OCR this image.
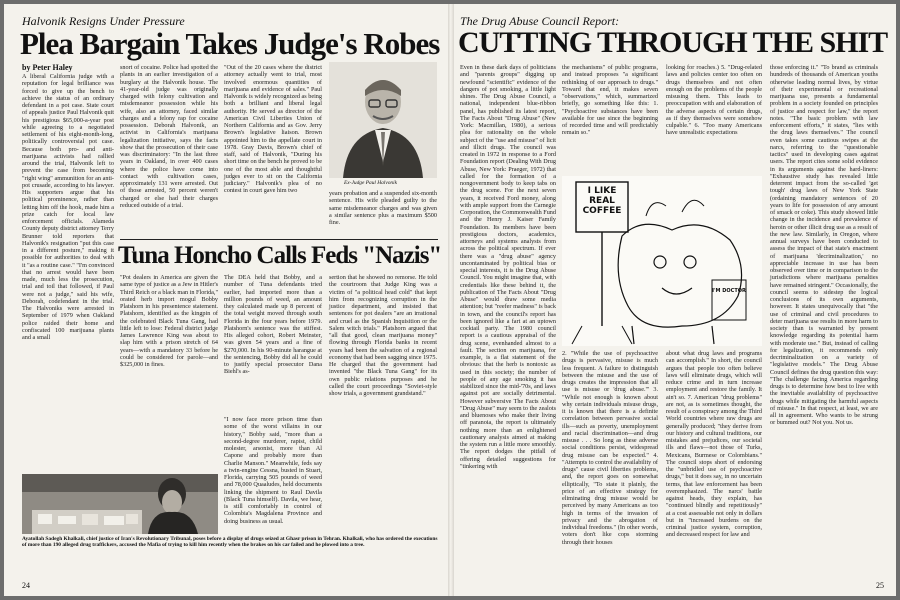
Halvonik Resigns Under Pressure
Plea Bargain Takes Judge's Robes
by Peter Haley

A liberal California judge with a reputation for legal brilliance was forced to give up the bench to achieve the status of an ordinary defendant in a pot case. State court of appeals justice Paul Halvonik quit his prestigious $65,000-a-year post while agreeing to a negotiated settlement of his eight-month-long, politically controversial pot case. Because both pro- and anti-marijuana activists had rallied around the trial, Halvonik left to prevent the case from becoming "right wing" ammunition for an anti-pot crusade, according to his lawyer. His supporters argue that his political prominence, rather than letting him off the hook, made him a prize catch for local law enforcement officials. Alameda County deputy district attorney Terry Brunner told reporters that Halvonik's resignation "put this case in a different posture," making it possible for authorities to deal with it "as a routine case." "I'm convinced that no arrest would have been made, much less the prosecution, trial and toil that followed, if Paul were not a judge," said his wife, Deborah, codefendant in the trial. The Halvoniks were arrested in September of 1979 when Oakland police raided their home and confiscated 100 marijuana plants and a small

snort of cocaine. Police had spotted the plants in an earlier investigation of a burglary at the Halvonik house. The 41-year-old judge was originally charged with felony cultivation and misdemeanor possession while his wife, also an attorney, faced similar charges and a felony rap for cocaine possession. Deborah Halvonik, an activist in California's marijuana legalization initiative, says the facts show that the prosecution of their case was discriminatory: "In the last three years in Oakland, in over 400 cases where the police have come into contact with cultivation cases, approximately 131 were arrested. Out of those arrested, 50 percent weren't charged or else had their charges reduced outside of a trial.

"Out of the 20 cases where the district attorney actually went to trial, most involved enormous quantities of marijuana and evidence of sales." Paul Halvonik is widely recognized as being both a brilliant and liberal legal authority. He served as director of the American Civil Liberties Union of Northern California and as Gov. Jerry Brown's legislative liaison. Brown appointed him to the appellate court in 1978. Gray Davis, Brown's chief of staff, said of Halvonik, "During his short time on the bench he proved to be one of the most able and thoughtful judges ever to sit on the California judiciary." Halvonik's plea of no contest in court gave him two

Ex-Judge Paul Halvonik

years probation and a suspended six-month sentence. His wife pleaded guilty to the same misdemeanor charges and was given a similar sentence plus a maximum $500 fine.

Tuna Honcho Calls Feds "Nazis"

"Pot dealers in America are given the same type of justice as a Jew in Hitler's Third Reich or a black man in Florida," orated herb import mogul Bobby Platshorn in his presentence statement. Platshorn, identified as the kingpin of the celebrated Black Tuna Gang, had little left to lose: Federal district judge James Lawrence King was about to slap him with a prison stretch of 64 years—with a mandatory 33 before he could be considered for parole—and $325,000 in fines.

The DEA held that Bobby, and a number of Tuna defendants tried earlier, had imported more than a million pounds of weed, an amount they calculated made up 8 percent of the total weight moved through south Florida in the four years before 1979. Platshorn's sentence was the stiffest. His alleged cohort, Robert Meinster, was given 54 years and a fine of $270,000. In his 90-minute harangue at the sentencing, Bobby did all he could to justify special prosecutor Dana Biehl's as-

sertion that he showed no remorse. He told the courtroom that Judge King was a victim of "a political head cold" that kept him from recognizing corruption in the justice department, and insisted that sentences for pot dealers "are an irrational and cruel as the Spanish Inquisition or the Salem witch trials." Platshorn argued that "all that good, clean marijuana money" flowing through Florida banks in recent years had been the salvation of a regional economy that had been sagging since 1975. He charged that the government had invented "the Black Tuna Gang" for its own public relations purposes and he called the court proceedings "Soviet-style show trials, a government grandstand."

"I now face more prison time than some of the worst villains in our history," Bobby said, "more than a second-degree murderer, rapist, child molester, arsonist, more than Al Capone and probably more than Charlie Manson." Meanwhile, feds say a twin-engine Cessna, busted in Stuart, Florida, carrying 505 pounds of weed and 78,000 Quaaludes, held documents linking the shipment to Raul Davila (Black Tuna himself). Davila, we hear, is still comfortably in control of Colombia's Magdalena Province and doing business as usual.

Ayatollah Sadegh Khalkali, chief justice of Iran's Revolutionary Tribunal, poses before a display of drugs seized at Ghasr prison in Tehran. Khalkali, who has ordered the executions of more than 190 alleged drug traffickers, accused the Mafia of trying to kill him recently when the brakes on his car failed and he plowed into a tree.
24
The Drug Abuse Council Report:
CUTTING THROUGH THE SHIT

Even in these dark days of politicians and "parents groups" digging up newfound "scientific" evidence of the dangers of pot smoking, a little light shines. The Drug Abuse Council, a national, independent blue-ribbon panel, has published its latest report, The Facts About "Drug Abuse" (New York: Macmillan, 1980), a serious plea for rationality on the whole subject of the "use and misuse" of licit and illicit drugs. The council was created in 1972 in response to a Ford Foundation report (Dealing With Drug Abuse, New York: Praeger, 1972) that called for the formation of a nongovernment body to keep tabs on the drug scene. For the next seven years, it received Ford money, along with ample support from the Carnegie Corporation, the Commonwealth Fund and the Henry J. Kaiser Family Foundation. Its members have been prestigious doctors, academics, attorneys and systems analysts from across the political spectrum. If ever there was a "drug abuse" agency uncontaminated by political bias or special interests, it is the Drug Abuse Council. You might imagine that, with credentials like these behind it, the publication of The Facts About "Drug Abuse" would draw some media attention; but "reefer madness" is back in town, and the council's report has been ignored like a fart at an uptown cocktail party. The 1980 council report is a cautious appraisal of the drug scene, evenhanded almost to a fault. The section on marijuana, for example, is a flat statement of the obvious: that the herb is nontoxic as used in this society; the number of people of any age smoking it has stabilized since the mid-'70s, and laws against pot are socially detrimental. However subversive The Facts About "Drug Abuse" may seem to the zealots and bluenoses who make their living off paranoia, the report is ultimately nothing more than an enlightened cautionary analysis aimed at making the system run a little more smoothly. The report dodges the pitfall of offering detailed suggestions for "tinkering with

the mechanisms" of public programs, and instead proposes "a significant rethinking of our approach to drugs." Toward that end, it makes seven "observations," which, summarized briefly, go something like this: 1. "Psychoactive substances have been available for use since the beginning of recorded time and will predictably remain so."

looking for roaches.) 5. "Drug-related laws and policies center too often on drugs themselves and not often enough on the problems of the people misusing them. This leads to preoccupation with and elaboration of the adverse aspects of certain drugs, as if they themselves were somehow culpable." 6. "Too many Americans have unrealistic expectations

those enforcing it." "To brand as criminals hundreds of thousands of American youths otherwise leading normal lives, by virtue of their experimental or recreational marijuana use, presents a fundamental problem in a society founded on principles of justice and respect for law," the report notes. "The basic problem with law enforcement efforts," it states, "lies with the drug laws themselves." The council even takes some cautious swipes at the narcs, referring to the "questionable tactics" used in developing cases against users. The report cites some solid evidence in its arguments against the hard-liners: "Exhaustive study has revealed little deterrent impact from the so-called 'get tough' drug laws of New York State (ordaining mandatory sentences of 20 years to life for possession of any amount of smack or coke). This study showed little change in the incidence and prevalence of heroin or other illicit drug use as a result of the new law. Similarly, in Oregon, where annual surveys have been conducted to assess the impact of that state's enactment of marijuana 'decriminalization,' no appreciable increase in use has been observed over time or in comparison to the jurisdictions where marijuana penalties have remained stringent." Occasionally, the council seems to sidestep the logical conclusions of its own arguments, however. It states unequivocally that "the use of criminal and civil procedures to deter marijuana use results in more harm to society than is warranted by present knowledge regarding its potential harm with moderate use." But, instead of calling for legalization, it recommends only decriminalization on a variety of "legislative models." The Drug Abuse Council defines the drug question this way: "The challenge facing America regarding drugs is to determine how best to live with the inevitable availability of psychoactive drugs while mitigating the harmful aspects of misuse." In that respect, at least, we are all in agreement. Who wants to be strung or bummed out? Not you. Not us.

I LIKE REAL COFFEE
I'M DOCTOR

2. "While the use of psychoactive drugs is pervasive, misuse is much less frequent. A failure to distinguish between the misuse and the use of drugs creates the impression that all use is misuse or 'drug abuse.'" 3. "While not enough is known about why certain individuals misuse drugs, it is known that there is a definite correlation between pervasive social ills—such as poverty, unemployment and racial discrimination—and drug misuse . . . So long as these adverse social conditions persist, widespread drug misuse can be expected." 4. "Attempts to control the availability of drugs" cause civil liberties problems, and, the report goes on somewhat elliptically, "To state it plainly, the price of an effective strategy for eliminating drug misuse would be perceived by many Americans as too high in terms of the invasion of privacy and the abrogation of individual freedoms." (In other words, voters don't like cops storming through their houses

about what drug laws and programs can accomplish." In short, the council argues that people too often believe laws will eliminate drugs, which will reduce crime and in turn increase employment and restore the family. It ain't so. 7. American "drug problems" are not, as is sometimes thought, the result of a conspiracy among the Third World countries where raw drugs are generally produced; "they derive from our history and cultural traditions, our mistakes and prejudices, our societal ills and flaws—not those of Turks, Mexicans, Burmese or Colombians." The council stops short of endorsing the "unbridled use of psychoactive drugs," but it does say, in no uncertain terms, that law enforcement has been overemphasized. The narcs' battle against heads, they explain, has "continued blindly and repetitiously" at a cost assessable not only in dollars but in "increased burdens on the criminal justice system, corruption, and decreased respect for law and

25
